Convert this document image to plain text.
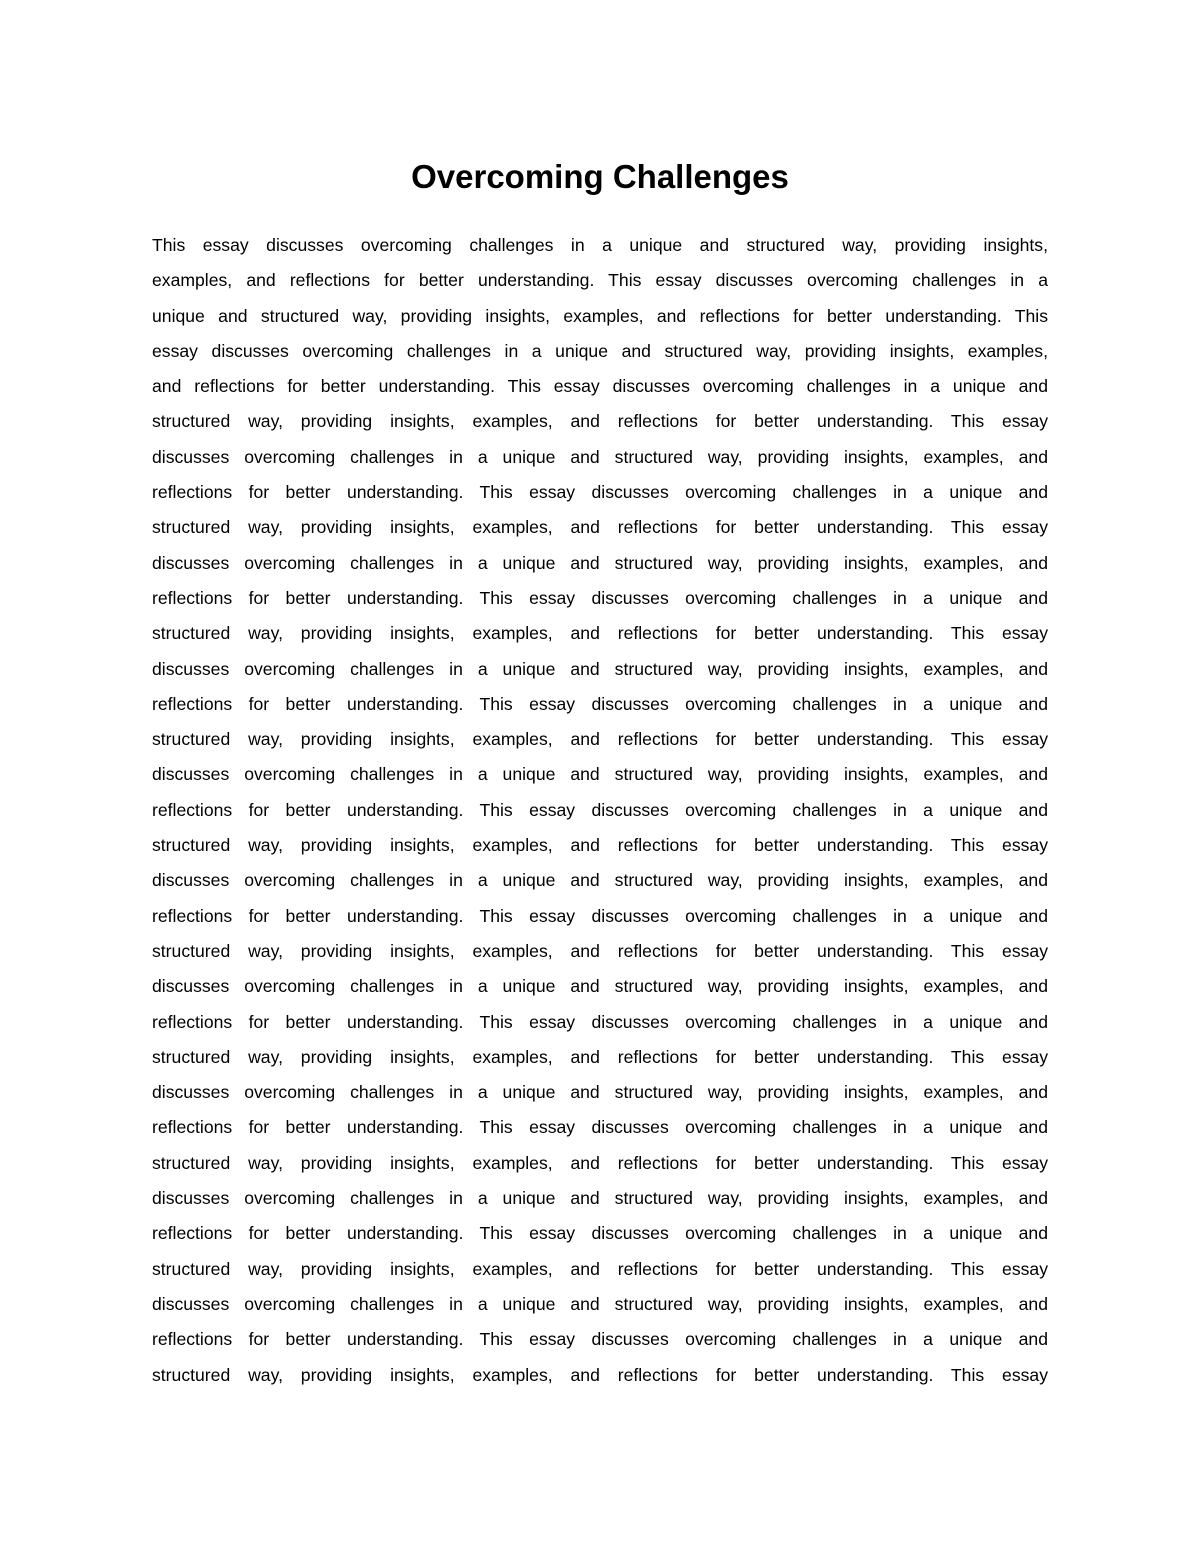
Overcoming Challenges
This essay discusses overcoming challenges in a unique and structured way, providing insights,
examples, and reflections for better understanding. This essay discusses overcoming challenges in a
unique and structured way, providing insights, examples, and reflections for better understanding. This
essay discusses overcoming challenges in a unique and structured way, providing insights, examples,
and reflections for better understanding. This essay discusses overcoming challenges in a unique and
structured way, providing insights, examples, and reflections for better understanding. This essay
discusses overcoming challenges in a unique and structured way, providing insights, examples, and
reflections for better understanding. This essay discusses overcoming challenges in a unique and
structured way, providing insights, examples, and reflections for better understanding. This essay
discusses overcoming challenges in a unique and structured way, providing insights, examples, and
reflections for better understanding. This essay discusses overcoming challenges in a unique and
structured way, providing insights, examples, and reflections for better understanding. This essay
discusses overcoming challenges in a unique and structured way, providing insights, examples, and
reflections for better understanding. This essay discusses overcoming challenges in a unique and
structured way, providing insights, examples, and reflections for better understanding. This essay
discusses overcoming challenges in a unique and structured way, providing insights, examples, and
reflections for better understanding. This essay discusses overcoming challenges in a unique and
structured way, providing insights, examples, and reflections for better understanding. This essay
discusses overcoming challenges in a unique and structured way, providing insights, examples, and
reflections for better understanding. This essay discusses overcoming challenges in a unique and
structured way, providing insights, examples, and reflections for better understanding. This essay
discusses overcoming challenges in a unique and structured way, providing insights, examples, and
reflections for better understanding. This essay discusses overcoming challenges in a unique and
structured way, providing insights, examples, and reflections for better understanding. This essay
discusses overcoming challenges in a unique and structured way, providing insights, examples, and
reflections for better understanding. This essay discusses overcoming challenges in a unique and
structured way, providing insights, examples, and reflections for better understanding. This essay
discusses overcoming challenges in a unique and structured way, providing insights, examples, and
reflections for better understanding. This essay discusses overcoming challenges in a unique and
structured way, providing insights, examples, and reflections for better understanding. This essay
discusses overcoming challenges in a unique and structured way, providing insights, examples, and
reflections for better understanding. This essay discusses overcoming challenges in a unique and
structured way, providing insights, examples, and reflections for better understanding. This essay
